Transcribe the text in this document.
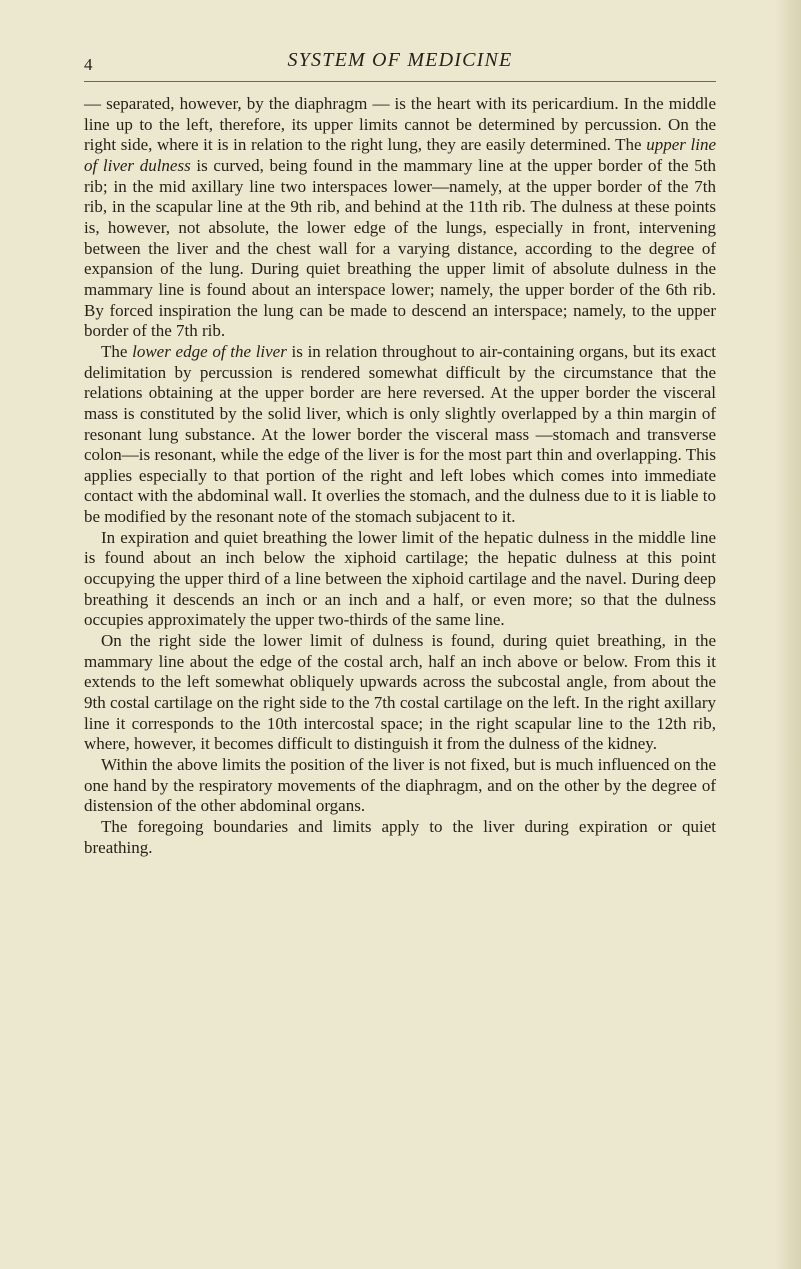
4	SYSTEM OF MEDICINE

— separated, however, by the diaphragm — is the heart with its pericardium. In the middle line up to the left, therefore, its upper limits cannot be determined by percussion. On the right side, where it is in relation to the right lung, they are easily determined. The upper line of liver dulness is curved, being found in the mammary line at the upper border of the 5th rib; in the mid axillary line two interspaces lower—namely, at the upper border of the 7th rib, in the scapular line at the 9th rib, and behind at the 11th rib. The dulness at these points is, however, not absolute, the lower edge of the lungs, especially in front, intervening between the liver and the chest wall for a varying distance, according to the degree of expansion of the lung. During quiet breathing the upper limit of absolute dulness in the mammary line is found about an interspace lower; namely, the upper border of the 6th rib. By forced inspiration the lung can be made to descend an interspace; namely, to the upper border of the 7th rib.

The lower edge of the liver is in relation throughout to air-containing organs, but its exact delimitation by percussion is rendered somewhat difficult by the circumstance that the relations obtaining at the upper border are here reversed. At the upper border the visceral mass is constituted by the solid liver, which is only slightly overlapped by a thin margin of resonant lung substance. At the lower border the visceral mass —stomach and transverse colon—is resonant, while the edge of the liver is for the most part thin and overlapping. This applies especially to that portion of the right and left lobes which comes into immediate contact with the abdominal wall. It overlies the stomach, and the dulness due to it is liable to be modified by the resonant note of the stomach subjacent to it.

In expiration and quiet breathing the lower limit of the hepatic dulness in the middle line is found about an inch below the xiphoid cartilage; the hepatic dulness at this point occupying the upper third of a line between the xiphoid cartilage and the navel. During deep breathing it descends an inch or an inch and a half, or even more; so that the dulness occupies approximately the upper two-thirds of the same line.

On the right side the lower limit of dulness is found, during quiet breathing, in the mammary line about the edge of the costal arch, half an inch above or below. From this it extends to the left somewhat obliquely upwards across the subcostal angle, from about the 9th costal cartilage on the right side to the 7th costal cartilage on the left. In the right axillary line it corresponds to the 10th intercostal space; in the right scapular line to the 12th rib, where, however, it becomes difficult to distinguish it from the dulness of the kidney.

Within the above limits the position of the liver is not fixed, but is much influenced on the one hand by the respiratory movements of the diaphragm, and on the other by the degree of distension of the other abdominal organs.

The foregoing boundaries and limits apply to the liver during expiration or quiet breathing.
